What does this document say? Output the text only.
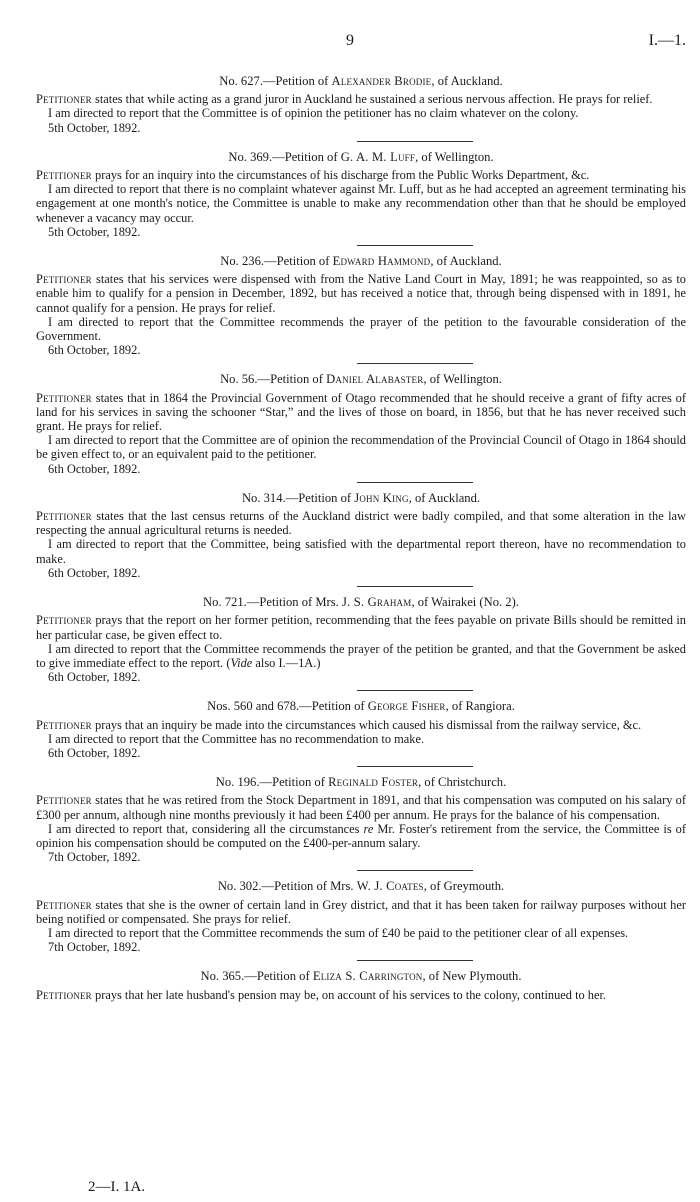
9	I.—1.

No. 627.—Petition of Alexander Brodie, of Auckland.

Petitioner states that while acting as a grand juror in Auckland he sustained a serious nervous affection. He prays for relief.

I am directed to report that the Committee is of opinion the petitioner has no claim whatever on the colony.

5th October, 1892.

No. 369.—Petition of G. A. M. Luff, of Wellington.

Petitioner prays for an inquiry into the circumstances of his discharge from the Public Works Department, &c.

I am directed to report that there is no complaint whatever against Mr. Luff, but as he had accepted an agreement terminating his engagement at one month's notice, the Committee is unable to make any recommendation other than that he should be employed whenever a vacancy may occur.

5th October, 1892.

No. 236.—Petition of Edward Hammond, of Auckland.

Petitioner states that his services were dispensed with from the Native Land Court in May, 1891; he was reappointed, so as to enable him to qualify for a pension in December, 1892, but has received a notice that, through being dispensed with in 1891, he cannot qualify for a pension. He prays for relief.

I am directed to report that the Committee recommends the prayer of the petition to the favourable consideration of the Government.

6th October, 1892.

No. 56.—Petition of Daniel Alabaster, of Wellington.

Petitioner states that in 1864 the Provincial Government of Otago recommended that he should receive a grant of fifty acres of land for his services in saving the schooner “Star,” and the lives of those on board, in 1856, but that he has never received such grant. He prays for relief.

I am directed to report that the Committee are of opinion the recommendation of the Provincial Council of Otago in 1864 should be given effect to, or an equivalent paid to the petitioner.

6th October, 1892.

No. 314.—Petition of John King, of Auckland.

Petitioner states that the last census returns of the Auckland district were badly compiled, and that some alteration in the law respecting the annual agricultural returns is needed.

I am directed to report that the Committee, being satisfied with the departmental report thereon, have no recommendation to make.

6th October, 1892.

No. 721.—Petition of Mrs. J. S. Graham, of Wairakei (No. 2).

Petitioner prays that the report on her former petition, recommending that the fees payable on private Bills should be remitted in her particular case, be given effect to.

I am directed to report that the Committee recommends the prayer of the petition be granted, and that the Government be asked to give immediate effect to the report. (Vide also I.—1A.)

6th October, 1892.

Nos. 560 and 678.—Petition of George Fisher, of Rangiora.

Petitioner prays that an inquiry be made into the circumstances which caused his dismissal from the railway service, &c.

I am directed to report that the Committee has no recommendation to make.

6th October, 1892.

No. 196.—Petition of Reginald Foster, of Christchurch.

Petitioner states that he was retired from the Stock Department in 1891, and that his compensation was computed on his salary of £300 per annum, although nine months previously it had been £400 per annum. He prays for the balance of his compensation.

I am directed to report that, considering all the circumstances re Mr. Foster's retirement from the service, the Committee is of opinion his compensation should be computed on the £400-per-annum salary.

7th October, 1892.

No. 302.—Petition of Mrs. W. J. Coates, of Greymouth.

Petitioner states that she is the owner of certain land in Grey district, and that it has been taken for railway purposes without her being notified or compensated. She prays for relief.

I am directed to report that the Committee recommends the sum of £40 be paid to the petitioner clear of all expenses.

7th October, 1892.

No. 365.—Petition of Eliza S. Carrington, of New Plymouth.

Petitioner prays that her late husband's pension may be, on account of his services to the colony, continued to her.

2—I. 1A.
